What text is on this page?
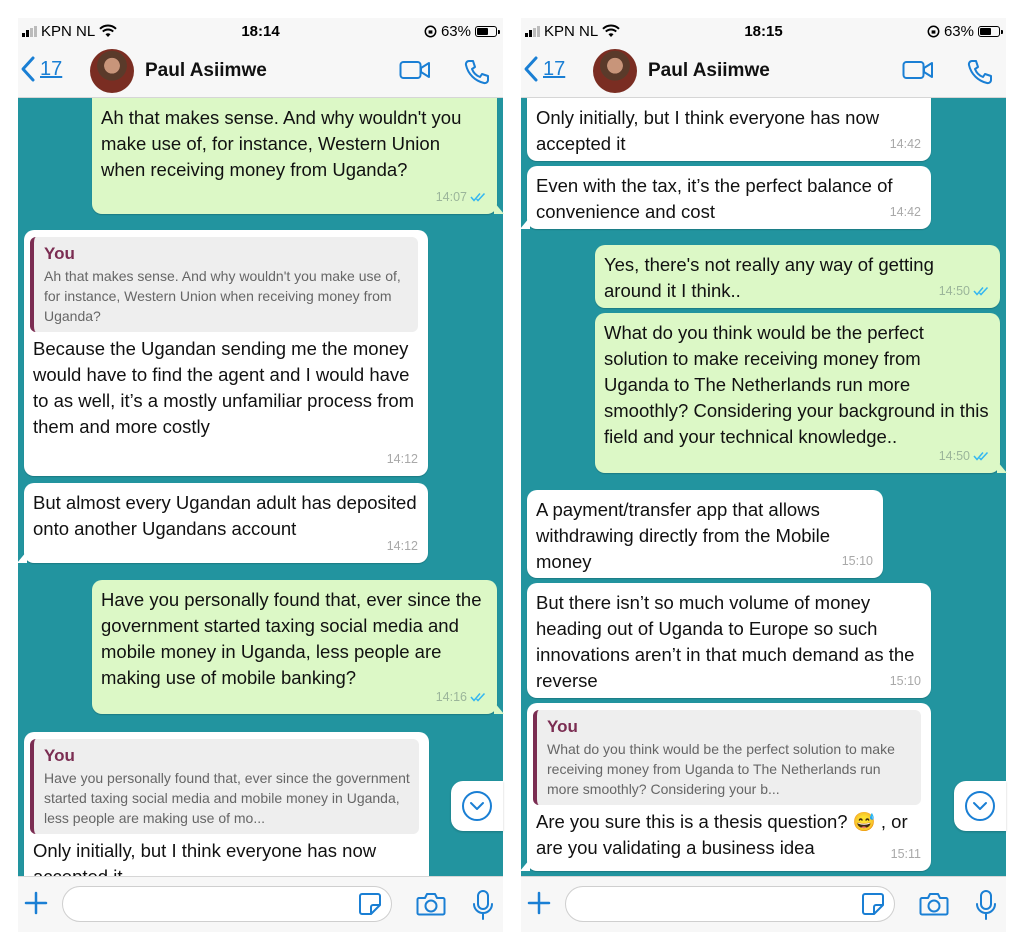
KPN NL	18:14	63%
17	Paul Asiimwe
Ah that makes sense. And why wouldn't you make use of, for instance, Western Union when receiving money from Uganda?
14:07
You
Ah that makes sense. And why wouldn't you make use of, for instance, Western Union when receiving money from Uganda?
Because the Ugandan sending me the money would have to find the agent and I would have to as well, it’s a mostly unfamiliar process from them and more costly
14:12
But almost every Ugandan adult has deposited onto another Ugandans account
14:12
Have you personally found that, ever since the government started taxing social media and mobile money in Uganda, less people are making use of mobile banking?
14:16
You
Have you personally found that, ever since the government started taxing social media and mobile money in Uganda, less people are making use of mo...
Only initially, but I think everyone has now
KPN NL	18:15	63%
17	Paul Asiimwe
Only initially, but I think everyone has now accepted it	14:42
Even with the tax, it’s the perfect balance of convenience and cost	14:42
Yes, there's not really any way of getting around it I think..	14:50
What do you think would be the perfect solution to make receiving money from Uganda to The Netherlands run more smoothly? Considering your background in this field and your technical knowledge..
14:50
A payment/transfer app that allows withdrawing directly from the Mobile money	15:10
But there isn’t so much volume of money heading out of Uganda to Europe so such innovations aren’t in that much demand as the reverse	15:10
You
What do you think would be the perfect solution to make receiving money from Uganda to The Netherlands run more smoothly? Considering your b...
Are you sure this is a thesis question? 😅 , or are you validating a business idea	15:11
